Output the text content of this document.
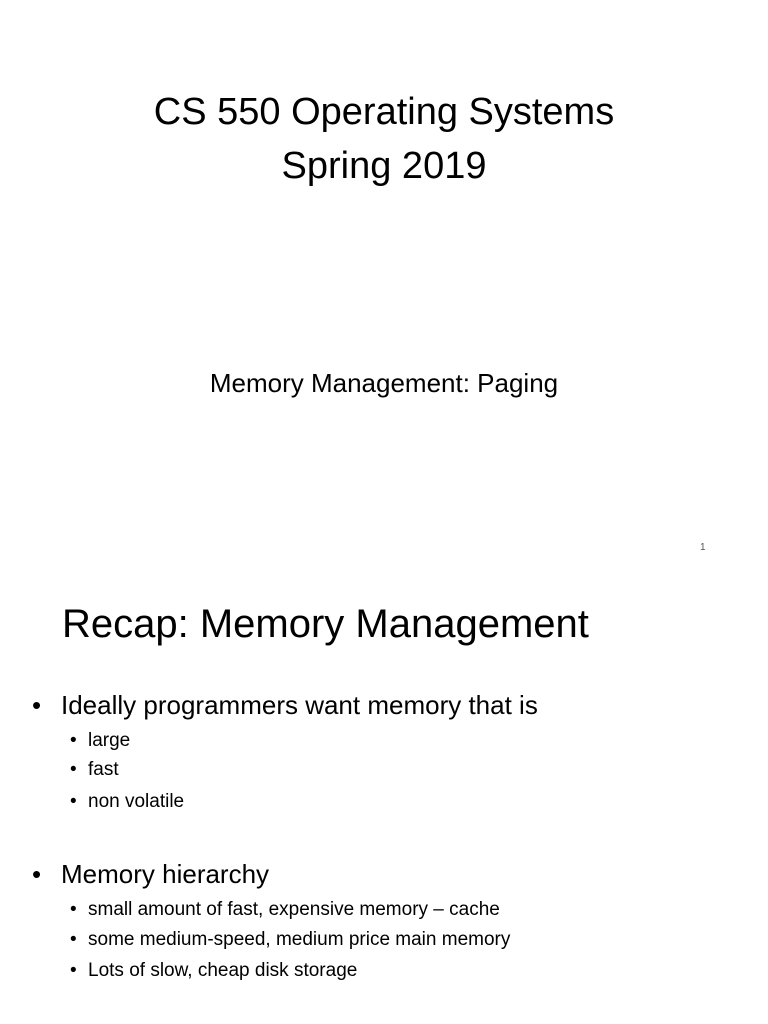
CS 550 Operating Systems
Spring 2019
Memory Management: Paging
1
Recap: Memory Management
• Ideally programmers want memory that is
• large
• fast
• non volatile
• Memory hierarchy
• small amount of fast, expensive memory – cache
• some medium-speed, medium price main memory
• Lots of slow, cheap disk storage
